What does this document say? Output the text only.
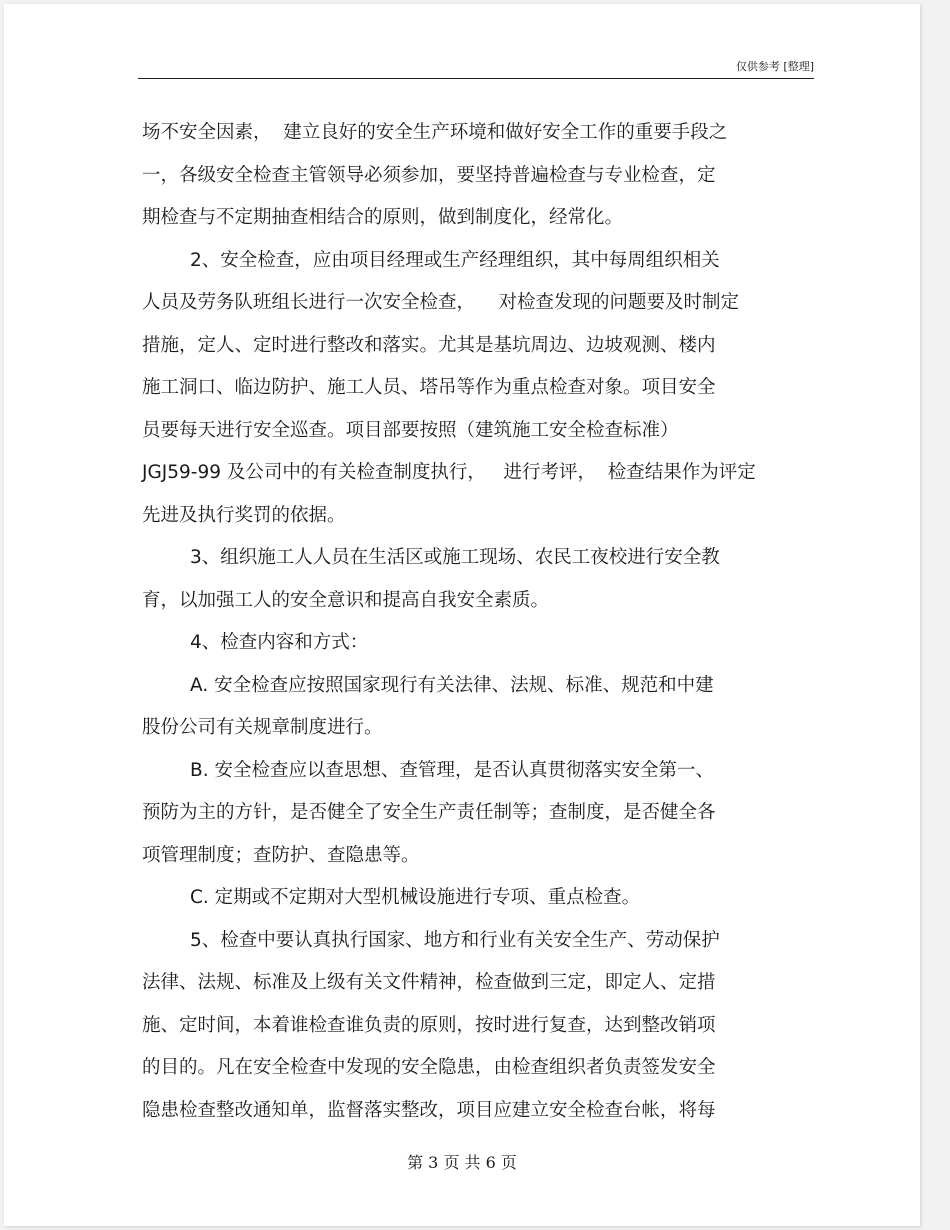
仅供参考 [整理]
场不安全因素，  建立良好的安全生产环境和做好安全工作的重要手段之
一，各级安全检查主管领导必须参加，要坚持普遍检查与专业检查，定
期检查与不定期抽查相结合的原则，做到制度化，经常化。
2、安全检查，应由项目经理或生产经理组织，其中每周组织相关
人员及劳务队班组长进行一次安全检查，    对检查发现的问题要及时制定
措施，定人、定时进行整改和落实。尤其是基坑周边、边坡观测、楼内
施工洞口、临边防护、施工人员、塔吊等作为重点检查对象。项目安全
员要每天进行安全巡查。项目部要按照（建筑施工安全检查标准）
JGJ59-99 及公司中的有关检查制度执行，   进行考评，  检查结果作为评定
先进及执行奖罚的依据。
3、组织施工人人员在生活区或施工现场、农民工夜校进行安全教
育，以加强工人的安全意识和提高自我安全素质。
4、检查内容和方式：
A. 安全检查应按照国家现行有关法律、法规、标准、规范和中建
股份公司有关规章制度进行。
B. 安全检查应以查思想、查管理，是否认真贯彻落实安全第一、
预防为主的方针，是否健全了安全生产责任制等；查制度，是否健全各
项管理制度；查防护、查隐患等。
C. 定期或不定期对大型机械设施进行专项、重点检查。
5、检查中要认真执行国家、地方和行业有关安全生产、劳动保护
法律、法规、标准及上级有关文件精神，检查做到三定，即定人、定措
施、定时间，本着谁检查谁负责的原则，按时进行复查，达到整改销项
的目的。凡在安全检查中发现的安全隐患，由检查组织者负责签发安全
隐患检查整改通知单，监督落实整改，项目应建立安全检查台帐，将每
第 3 页 共 6 页
